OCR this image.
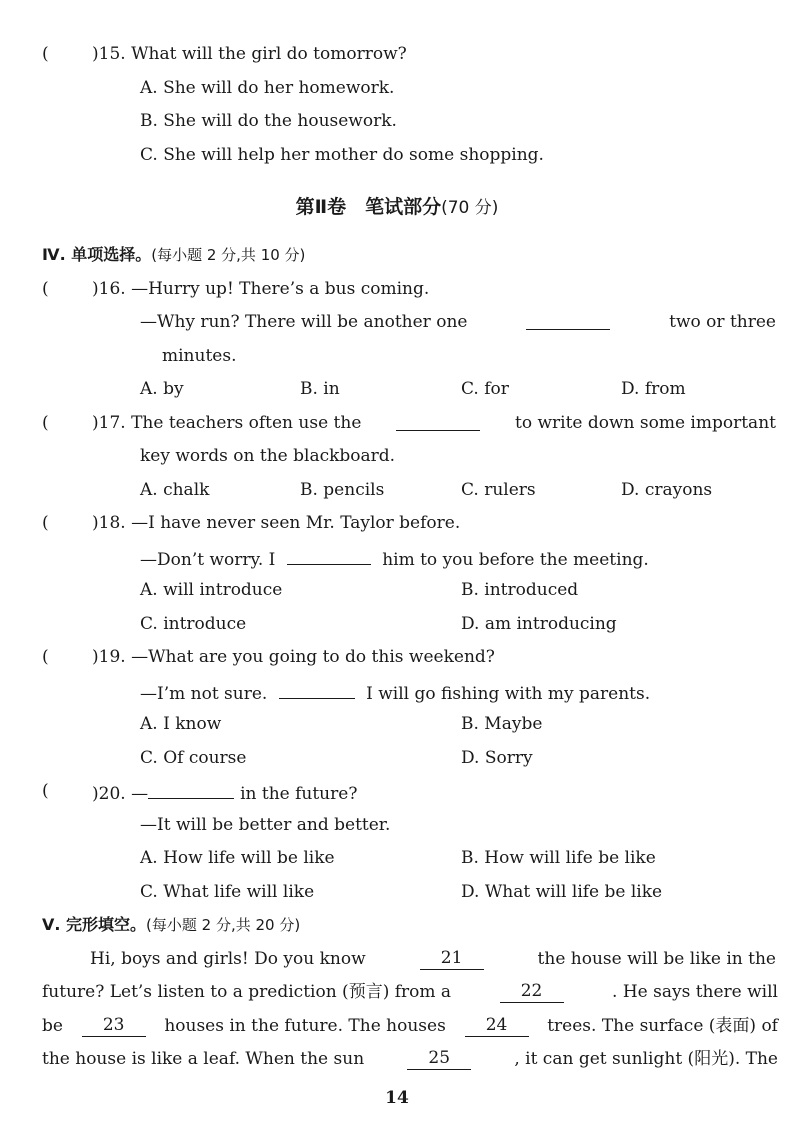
(	)15. What will the girl do tomorrow?
A. She will do her homework.
B. She will do the housework.
C. She will help her mother do some shopping.
第Ⅱ卷　笔试部分(70 分)
Ⅳ. 单项选择。(每小题 2 分,共 10 分)
(	)16. —Hurry up! There’s a bus coming.
—Why run? There will be another one	two or three
minutes.
A. by	B. in	C. for	D. from
(	)17. The teachers often use the	to write down some important
key words on the blackboard.
A. chalk	B. pencils	C. rulers	D. crayons
(	)18. —I have never seen Mr. Taylor before.
—Don’t worry. I	him to you before the meeting.
A. will introduce	B. introduced
C. introduce	D. am introducing
(	)19. —What are you going to do this weekend?
—I’m not sure.	I will go fishing with my parents.
A. I know	B. Maybe
C. Of course	D. Sorry
(	)20. —	in the future?
—It will be better and better.
A. How life will be like	B. How will life be like
C. What life will like	D. What will life be like
Ⅴ. 完形填空。(每小题 2 分,共 20 分)
Hi, boys and girls! Do you know	21	the house will be like in the
future? Let’s listen to a prediction (预言) from a	22	. He says there will
be	23	houses in the future. The houses	24	trees. The surface (表面) of
the house is like a leaf. When the sun	25	, it can get sunlight (阳光). The
14
